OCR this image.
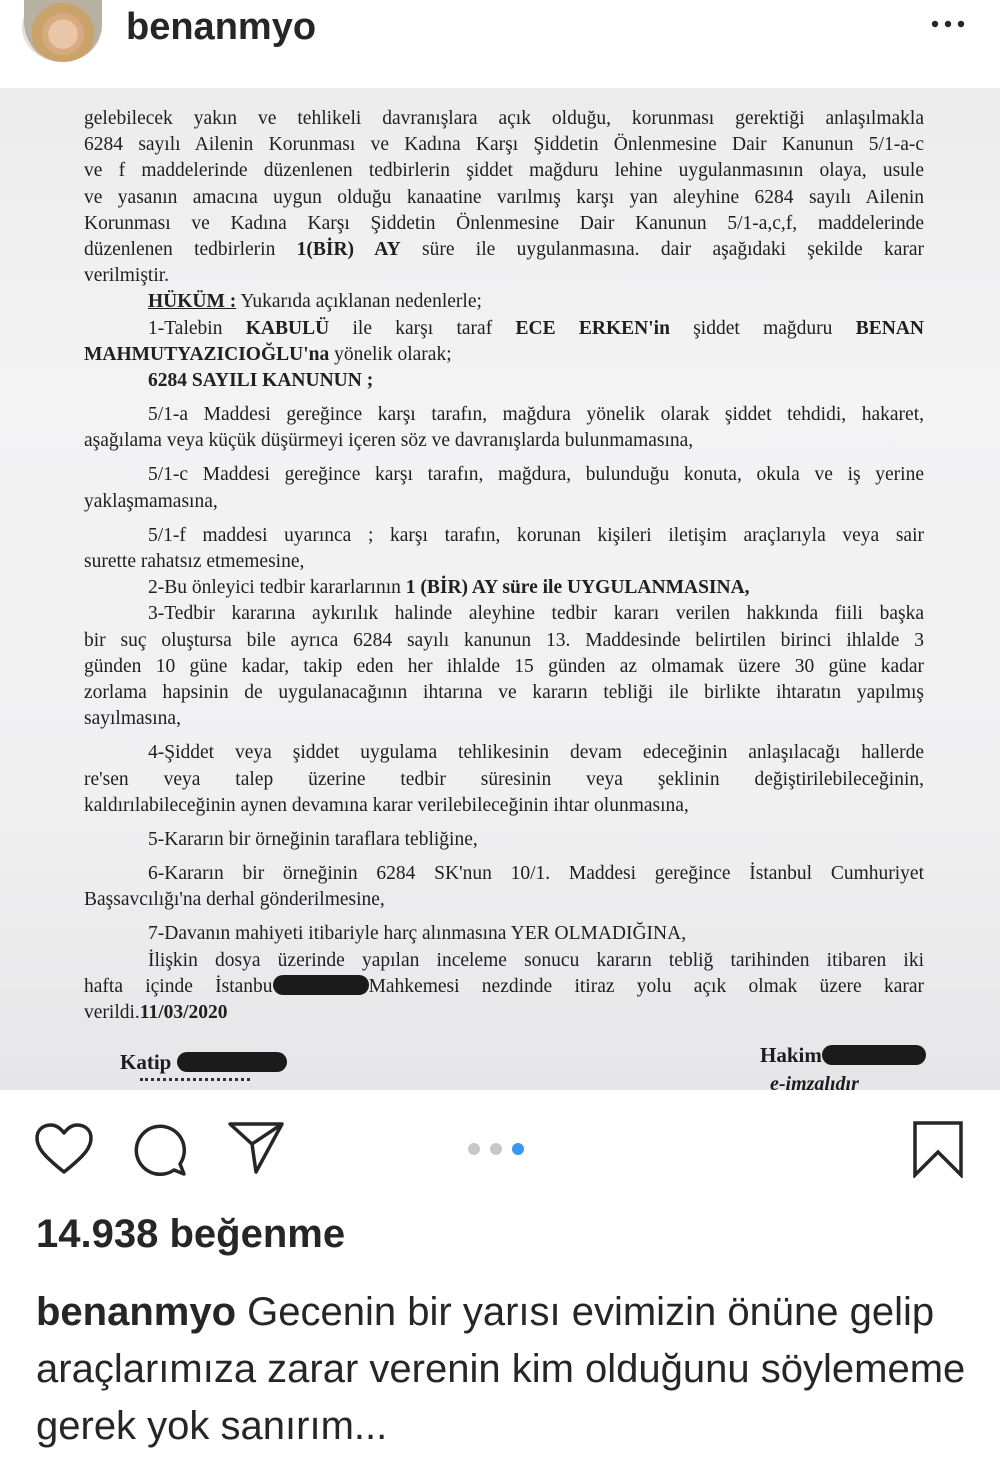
benanmyo
gelebilecek yakın ve tehlikeli davranışlara açık olduğu, korunması gerektiği anlaşılmakla
6284 sayılı Ailenin Korunması ve Kadına Karşı Şiddetin Önlenmesine Dair Kanunun 5/1-a-c
ve f maddelerinde düzenlenen tedbirlerin şiddet mağduru lehine uygulanmasının olaya, usule
ve yasanın amacına uygun olduğu kanaatine varılmış karşı yan aleyhine 6284 sayılı Ailenin
Korunması ve Kadına Karşı Şiddetin Önlenmesine Dair Kanunun 5/1-a,c,f, maddelerinde
düzenlenen tedbirlerin 1(BİR) AY süre ile uygulanmasına. dair aşağıdaki şekilde karar
verilmiştir.
HÜKÜM : Yukarıda açıklanan nedenlerle;
1-Talebin KABULÜ ile karşı taraf ECE ERKEN'in şiddet mağduru BENAN
MAHMUTYAZICIOĞLU'na yönelik olarak;
6284 SAYILI KANUNUN ;
5/1-a Maddesi gereğince karşı tarafın, mağdura yönelik olarak şiddet tehdidi, hakaret,
aşağılama veya küçük düşürmeyi içeren söz ve davranışlarda bulunmamasına,
5/1-c Maddesi gereğince karşı tarafın, mağdura, bulunduğu konuta, okula ve iş yerine
yaklaşmamasına,
5/1-f maddesi uyarınca ; karşı tarafın, korunan kişileri iletişim araçlarıyla veya sair
surette rahatsız etmemesine,
2-Bu önleyici tedbir kararlarının 1 (BİR) AY süre ile UYGULANMASINA,
3-Tedbir kararına aykırılık halinde aleyhine tedbir kararı verilen hakkında fiili başka
bir suç oluştursa bile ayrıca 6284 sayılı kanunun 13. Maddesinde belirtilen birinci ihlalde 3
günden 10 güne kadar, takip eden her ihlalde 15 günden az olmamak üzere 30 güne kadar
zorlama hapsinin de uygulanacağının ihtarına ve kararın tebliği ile birlikte ihtaratın yapılmış
sayılmasına,
4-Şiddet veya şiddet uygulama tehlikesinin devam edeceğinin anlaşılacağı hallerde
re'sen veya talep üzerine tedbir süresinin veya şeklinin değiştirilebileceğinin,
kaldırılabileceğinin aynen devamına karar verilebileceğinin ihtar olunmasına,
5-Kararın bir örneğinin taraflara tebliğine,
6-Kararın bir örneğinin 6284 SK'nun 10/1. Maddesi gereğince İstanbul Cumhuriyet
Başsavcılığı'na derhal gönderilmesine,
7-Davanın mahiyeti itibariyle harç alınmasına YER OLMADIĞINA,
İlişkin dosya üzerinde yapılan inceleme sonucu kararın tebliğ tarihinden itibaren iki
hafta içinde İstanbu	Mahkemesi nezdinde itiraz yolu açık olmak üzere karar
verildi.11/03/2020
Katip	Hakim
e-imzalıdır
14.938 beğenme
benanmyo Gecenin bir yarısı evimizin önüne gelip araçlarımıza zarar verenin kim olduğunu söylememe gerek yok sanırım...
